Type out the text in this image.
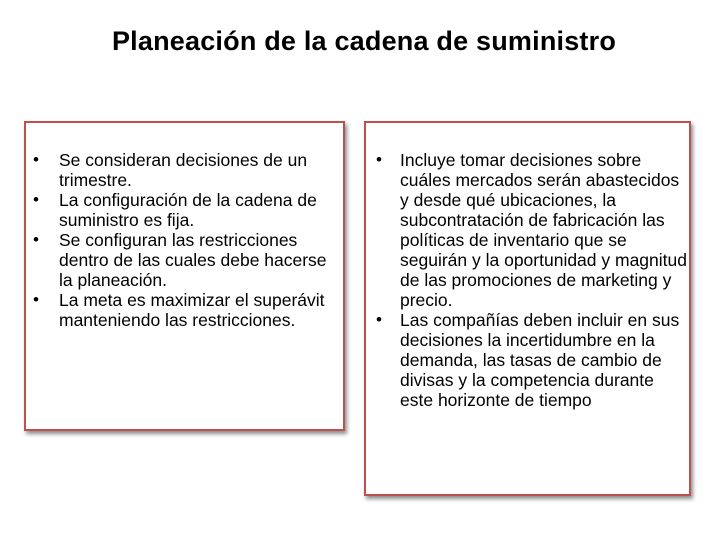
Planeación de la cadena de suministro
• Se consideran decisiones de un trimestre.
• La configuración de la cadena de suministro es fija.
• Se configuran las restricciones dentro de las cuales debe hacerse la planeación.
• La meta es maximizar el superávit manteniendo las restricciones.
• Incluye tomar decisiones sobre cuáles mercados serán abastecidos y desde qué ubicaciones, la subcontratación de fabricación las políticas de inventario que se seguirán y la oportunidad y magnitud de las promociones de marketing y precio.
• Las compañías deben incluir en sus decisiones la incertidumbre en la demanda, las tasas de cambio de divisas y la competencia durante este horizonte de tiempo
